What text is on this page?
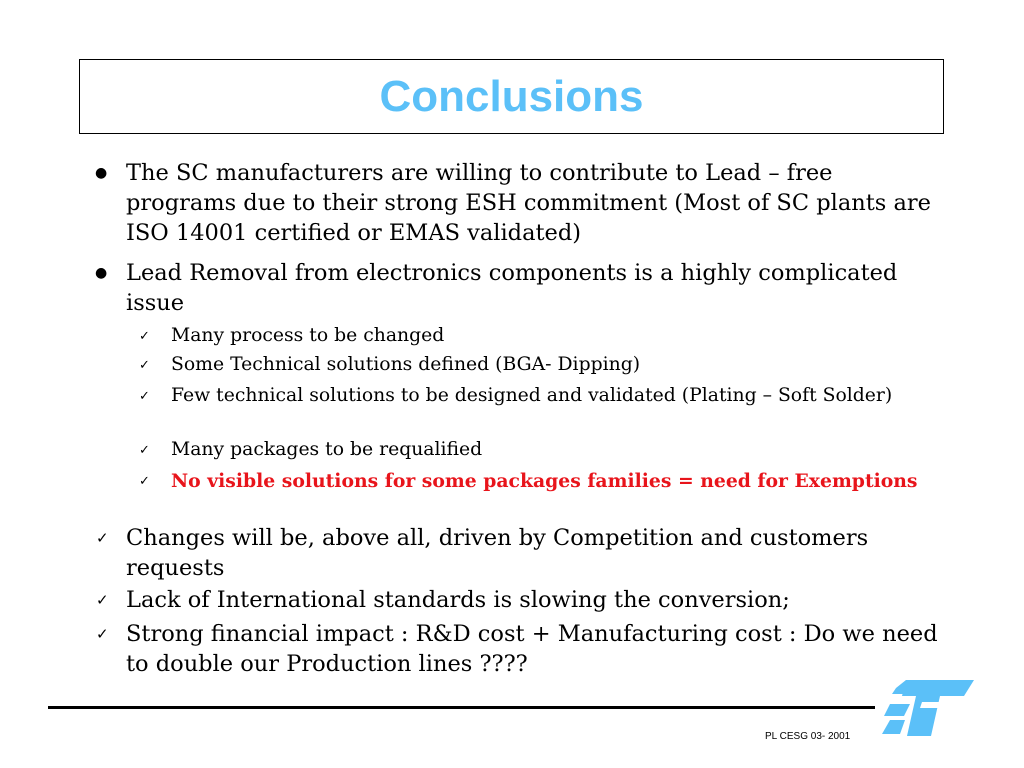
Conclusions
● The SC manufacturers are willing to contribute to Lead – free programs due to their strong ESH commitment (Most of SC plants are ISO 14001 certified or EMAS validated)
● Lead Removal from electronics components is a highly complicated issue
✓ Many process to be changed
✓ Some Technical solutions defined (BGA- Dipping)
✓ Few technical solutions to be designed and validated (Plating – Soft Solder)
✓ Many packages to be requalified
✓ No visible solutions for some packages families = need for Exemptions
✓ Changes will be, above all, driven by Competition and customers requests
✓ Lack of International standards is slowing the conversion;
✓ Strong financial impact : R&D cost + Manufacturing cost : Do we need to double our Production lines ????
PL CESG 03- 2001
